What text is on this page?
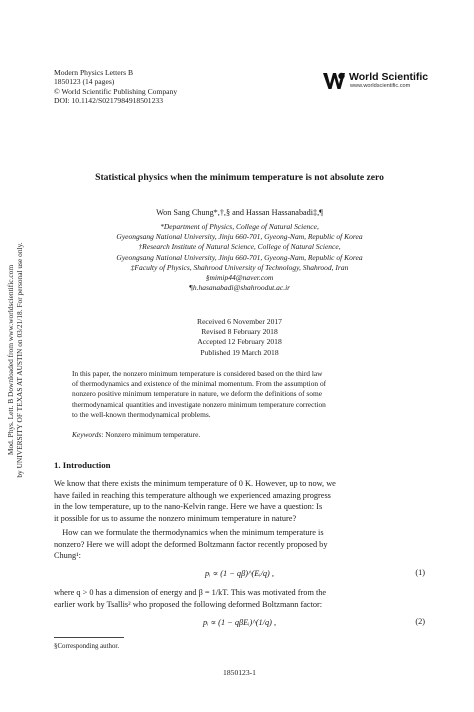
Mod. Phys. Lett. B Downloaded from www.worldscientific.com by UNIVERSITY OF TEXAS AT AUSTIN on 03/21/18. For personal use only.
Modern Physics Letters B
1850123 (14 pages)
© World Scientific Publishing Company
DOI: 10.1142/S0217984918501233
World Scientific
www.worldscientific.com
Statistical physics when the minimum temperature is not absolute zero
Won Sang Chung*,†,§ and Hassan Hassanabadi‡,¶
*Department of Physics, College of Natural Science,
Gyeongsang National University, Jinju 660-701, Gyeong-Nam, Republic of Korea
†Research Institute of Natural Science, College of Natural Science,
Gyeongsang National University, Jinju 660-701, Gyeong-Nam, Republic of Korea
‡Faculty of Physics, Shahrood University of Technology, Shahrood, Iran
§mimip44@naver.com
¶h.hasanabadi@shahroodut.ac.ir
Received 6 November 2017
Revised 8 February 2018
Accepted 12 February 2018
Published 19 March 2018
In this paper, the nonzero minimum temperature is considered based on the third law
of thermodynamics and existence of the minimal momentum. From the assumption of
nonzero positive minimum temperature in nature, we deform the definitions of some
thermodynamical quantities and investigate nonzero minimum temperature correction
to the well-known thermodynamical problems.
Keywords: Nonzero minimum temperature.
1. Introduction
We know that there exists the minimum temperature of 0 K. However, up to now, we
have failed in reaching this temperature although we experienced amazing progress
in the low temperature, up to the nano-Kelvin range. Here we have a question: Is
it possible for us to assume the nonzero minimum temperature in nature?
How can we formulate the thermodynamics when the minimum temperature is
nonzero? Here we will adopt the deformed Boltzmann factor recently proposed by
Chung¹:
pᵢ ∝ (1 − qβ)^(Eᵢ/q) ,	(1)
where q > 0 has a dimension of energy and β = 1/kT. This was motivated from the
earlier work by Tsallis² who proposed the following deformed Boltzmann factor:
pᵢ ∝ (1 − qβEᵢ)^(1/q) ,	(2)
§Corresponding author.
1850123-1
